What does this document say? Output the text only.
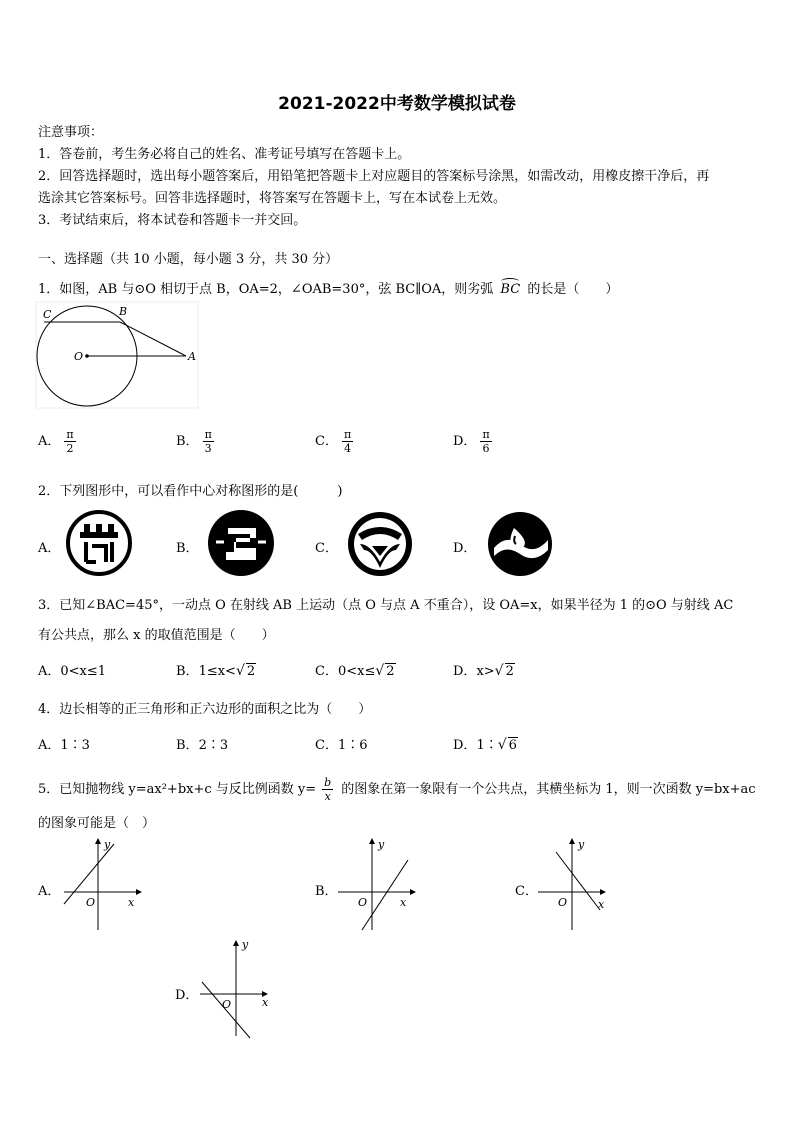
2021-2022中考数学模拟试卷
注意事项：
1．答卷前，考生务必将自己的姓名、准考证号填写在答题卡上。
2．回答选择题时，选出每小题答案后，用铅笔把答题卡上对应题目的答案标号涂黑，如需改动，用橡皮擦干净后，再
选涂其它答案标号。回答非选择题时，将答案写在答题卡上，写在本试卷上无效。
3．考试结束后，将本试卷和答题卡一并交回。
一、选择题（共 10 小题，每小题 3 分，共 30 分）
1．如图，AB 与⊙O 相切于点 B，OA=2，∠OAB=30°，弦 BC∥OA，则劣弧 BC 的长是（　　）
C	B
O	A
A． $\frac{\pi}{2}$	B． $\frac{\pi}{3}$	C． $\frac{\pi}{4}$	D． $\frac{\pi}{6}$
2．下列图形中，可以看作中心对称图形的是(　　　)
A．	B．	C．	D．
3．已知∠BAC=45°，一动点 O 在射线 AB 上运动（点 O 与点 A 不重合），设 OA=x，如果半径为 1 的⊙O 与射线 AC
有公共点，那么 x 的取值范围是（　　）
A．0<x≤1	B．1≤x<√ 2	C．0<x≤√ 2	D．x>√ 2
4．边长相等的正三角形和正六边形的面积之比为（　　）
A．1∶3	B．2∶3	C．1∶6	D．1∶√ 6
5．已知抛物线 y=ax²+bx+c 与反比例函数 $y= \frac{b}{x}$ 的图象在第一象限有一个公共点，其横坐标为 1，则一次函数 y=bx+ac
的图象可能是（　）
A．
O	x
y
B．
O	x
y
C．
O	x
y
D．
O	x
y
